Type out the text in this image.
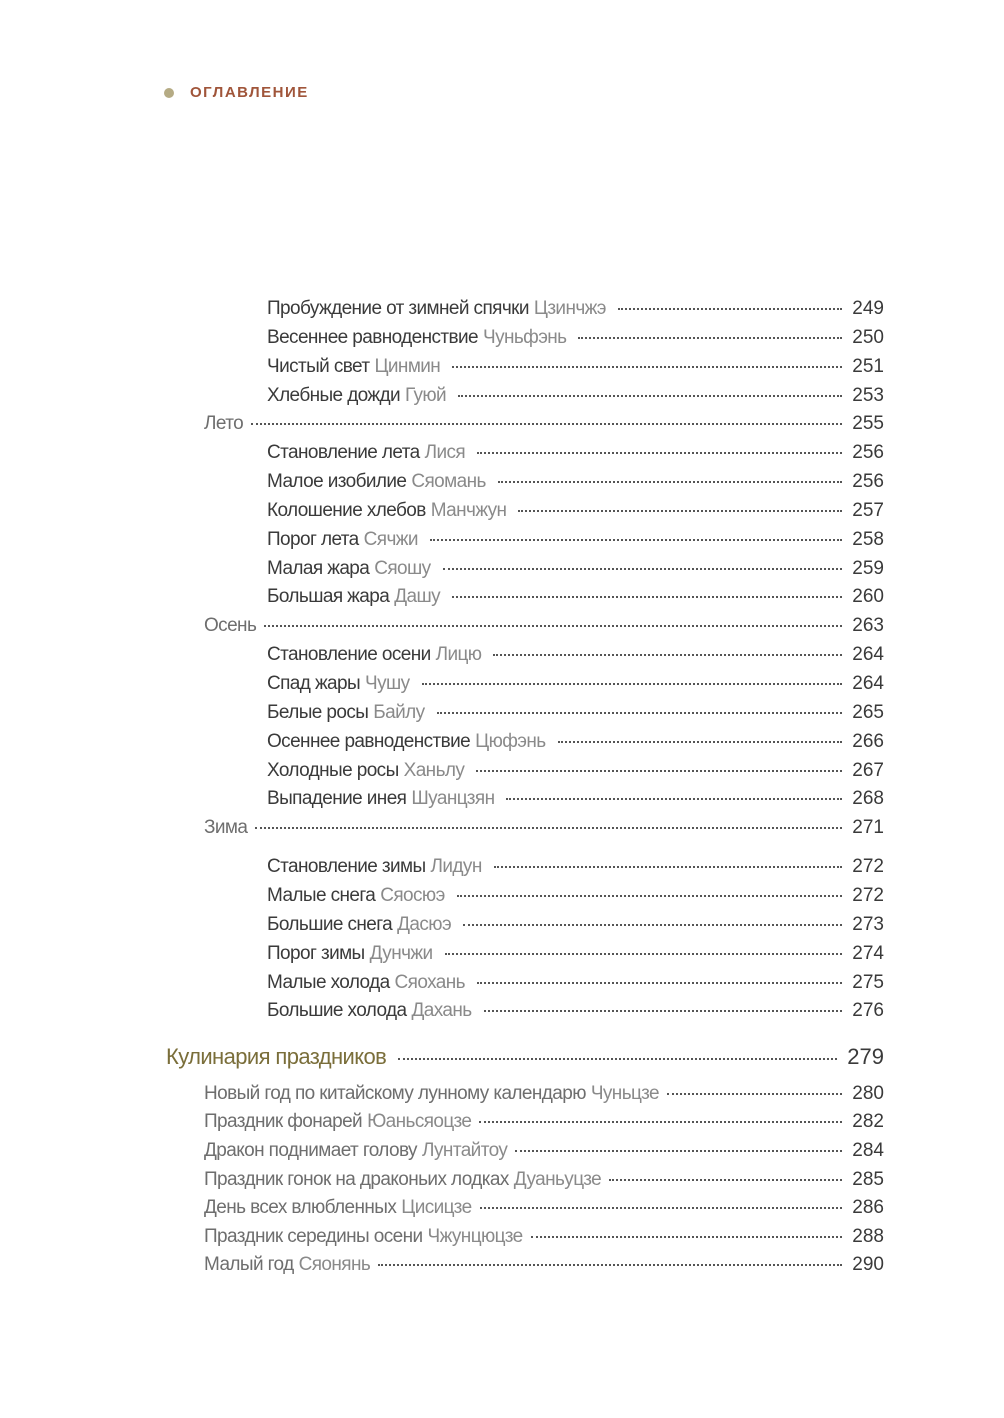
ОГЛАВЛЕНИЕ
Пробуждение от зимней спячки Цзинчжэ	249
Весеннее равноденствие Чуньфэнь	250
Чистый свет Цинмин	251
Хлебные дожди Гуюй	253
Лето	255
Становление лета Лися	256
Малое изобилие Сяомань	256
Колошение хлебов Манчжун	257
Порог лета Сячжи	258
Малая жара Сяошу	259
Большая жара Дашу	260
Осень	263
Становление осени Лицю	264
Спад жары Чушу	264
Белые росы Байлу	265
Осеннее равноденствие Цюфэнь	266
Холодные росы Ханьлу	267
Выпадение инея Шуанцзян	268
Зима	271
Становление зимы Лидун	272
Малые снега Сяосюэ	272
Большие снега Дасюэ	273
Порог зимы Дунчжи	274
Малые холода Сяохань	275
Большие холода Дахань	276
Кулинария праздников	279
Новый год по китайскому лунному календарю Чуньцзе	280
Праздник фонарей Юаньсяоцзе	282
Дракон поднимает голову Лунтайтоу	284
Праздник гонок на драконьих лодках Дуаньуцзе	285
День всех влюбленных Цисицзе	286
Праздник середины осени Чжунцюцзе	288
Малый год Сяонянь	290
